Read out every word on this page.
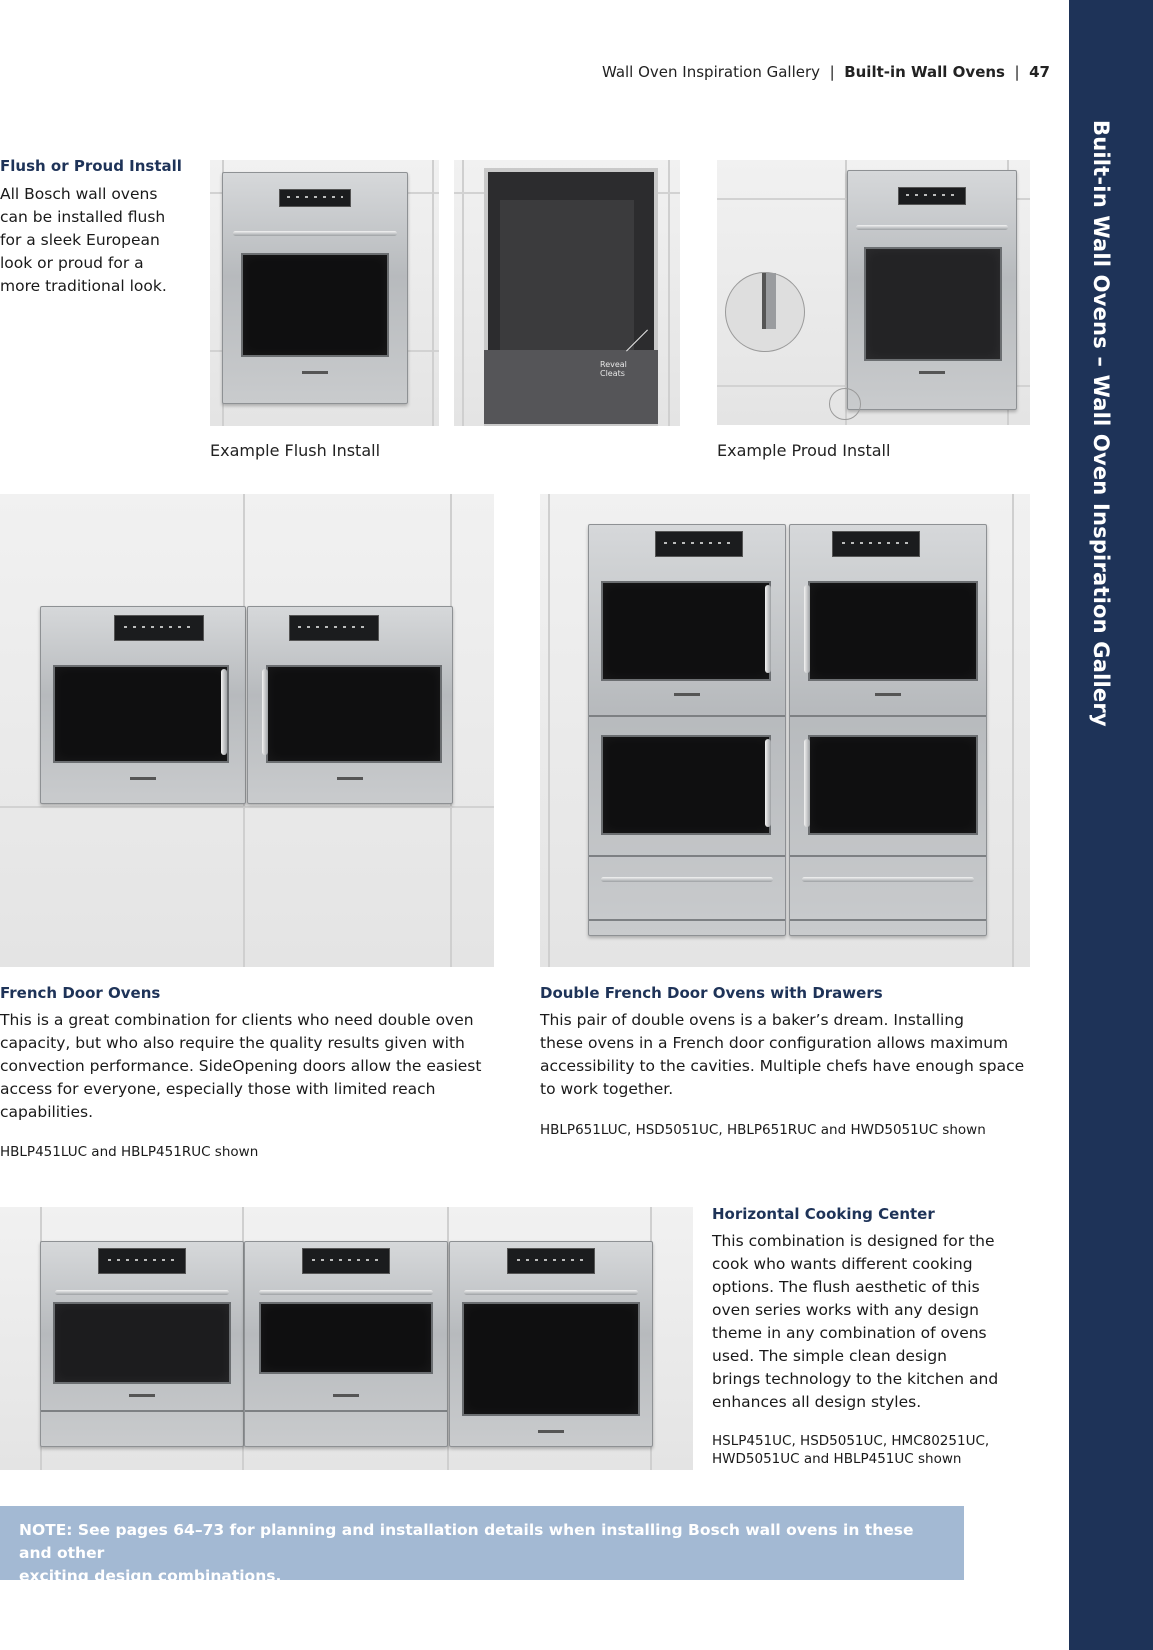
Built-in Wall Ovens – Wall Oven Inspiration Gallery
Wall Oven Inspiration Gallery | Built-in Wall Ovens | 47
Flush or Proud Install
All Bosch wall ovens
can be installed flush
for a sleek European
look or proud for a
more traditional look.
Reveal Cleats
Example Flush Install	Example Proud Install
French Door Ovens
This is a great combination for clients who need double oven
capacity, but who also require the quality results given with
convection performance. SideOpening doors allow the easiest
access for everyone, especially those with limited reach
capabilities.
HBLP451LUC and HBLP451RUC shown
Double French Door Ovens with Drawers
This pair of double ovens is a baker’s dream. Installing
these ovens in a French door configuration allows maximum
accessibility to the cavities. Multiple chefs have enough space
to work together.
HBLP651LUC, HSD5051UC, HBLP651RUC and HWD5051UC shown
Horizontal Cooking Center
This combination is designed for the
cook who wants different cooking
options. The flush aesthetic of this
oven series works with any design
theme in any combination of ovens
used. The simple clean design
brings technology to the kitchen and
enhances all design styles.
HSLP451UC, HSD5051UC, HMC80251UC,
HWD5051UC and HBLP451UC shown
NOTE: See pages 64–73 for planning and installation details when installing Bosch wall ovens in these and other
exciting design combinations.
